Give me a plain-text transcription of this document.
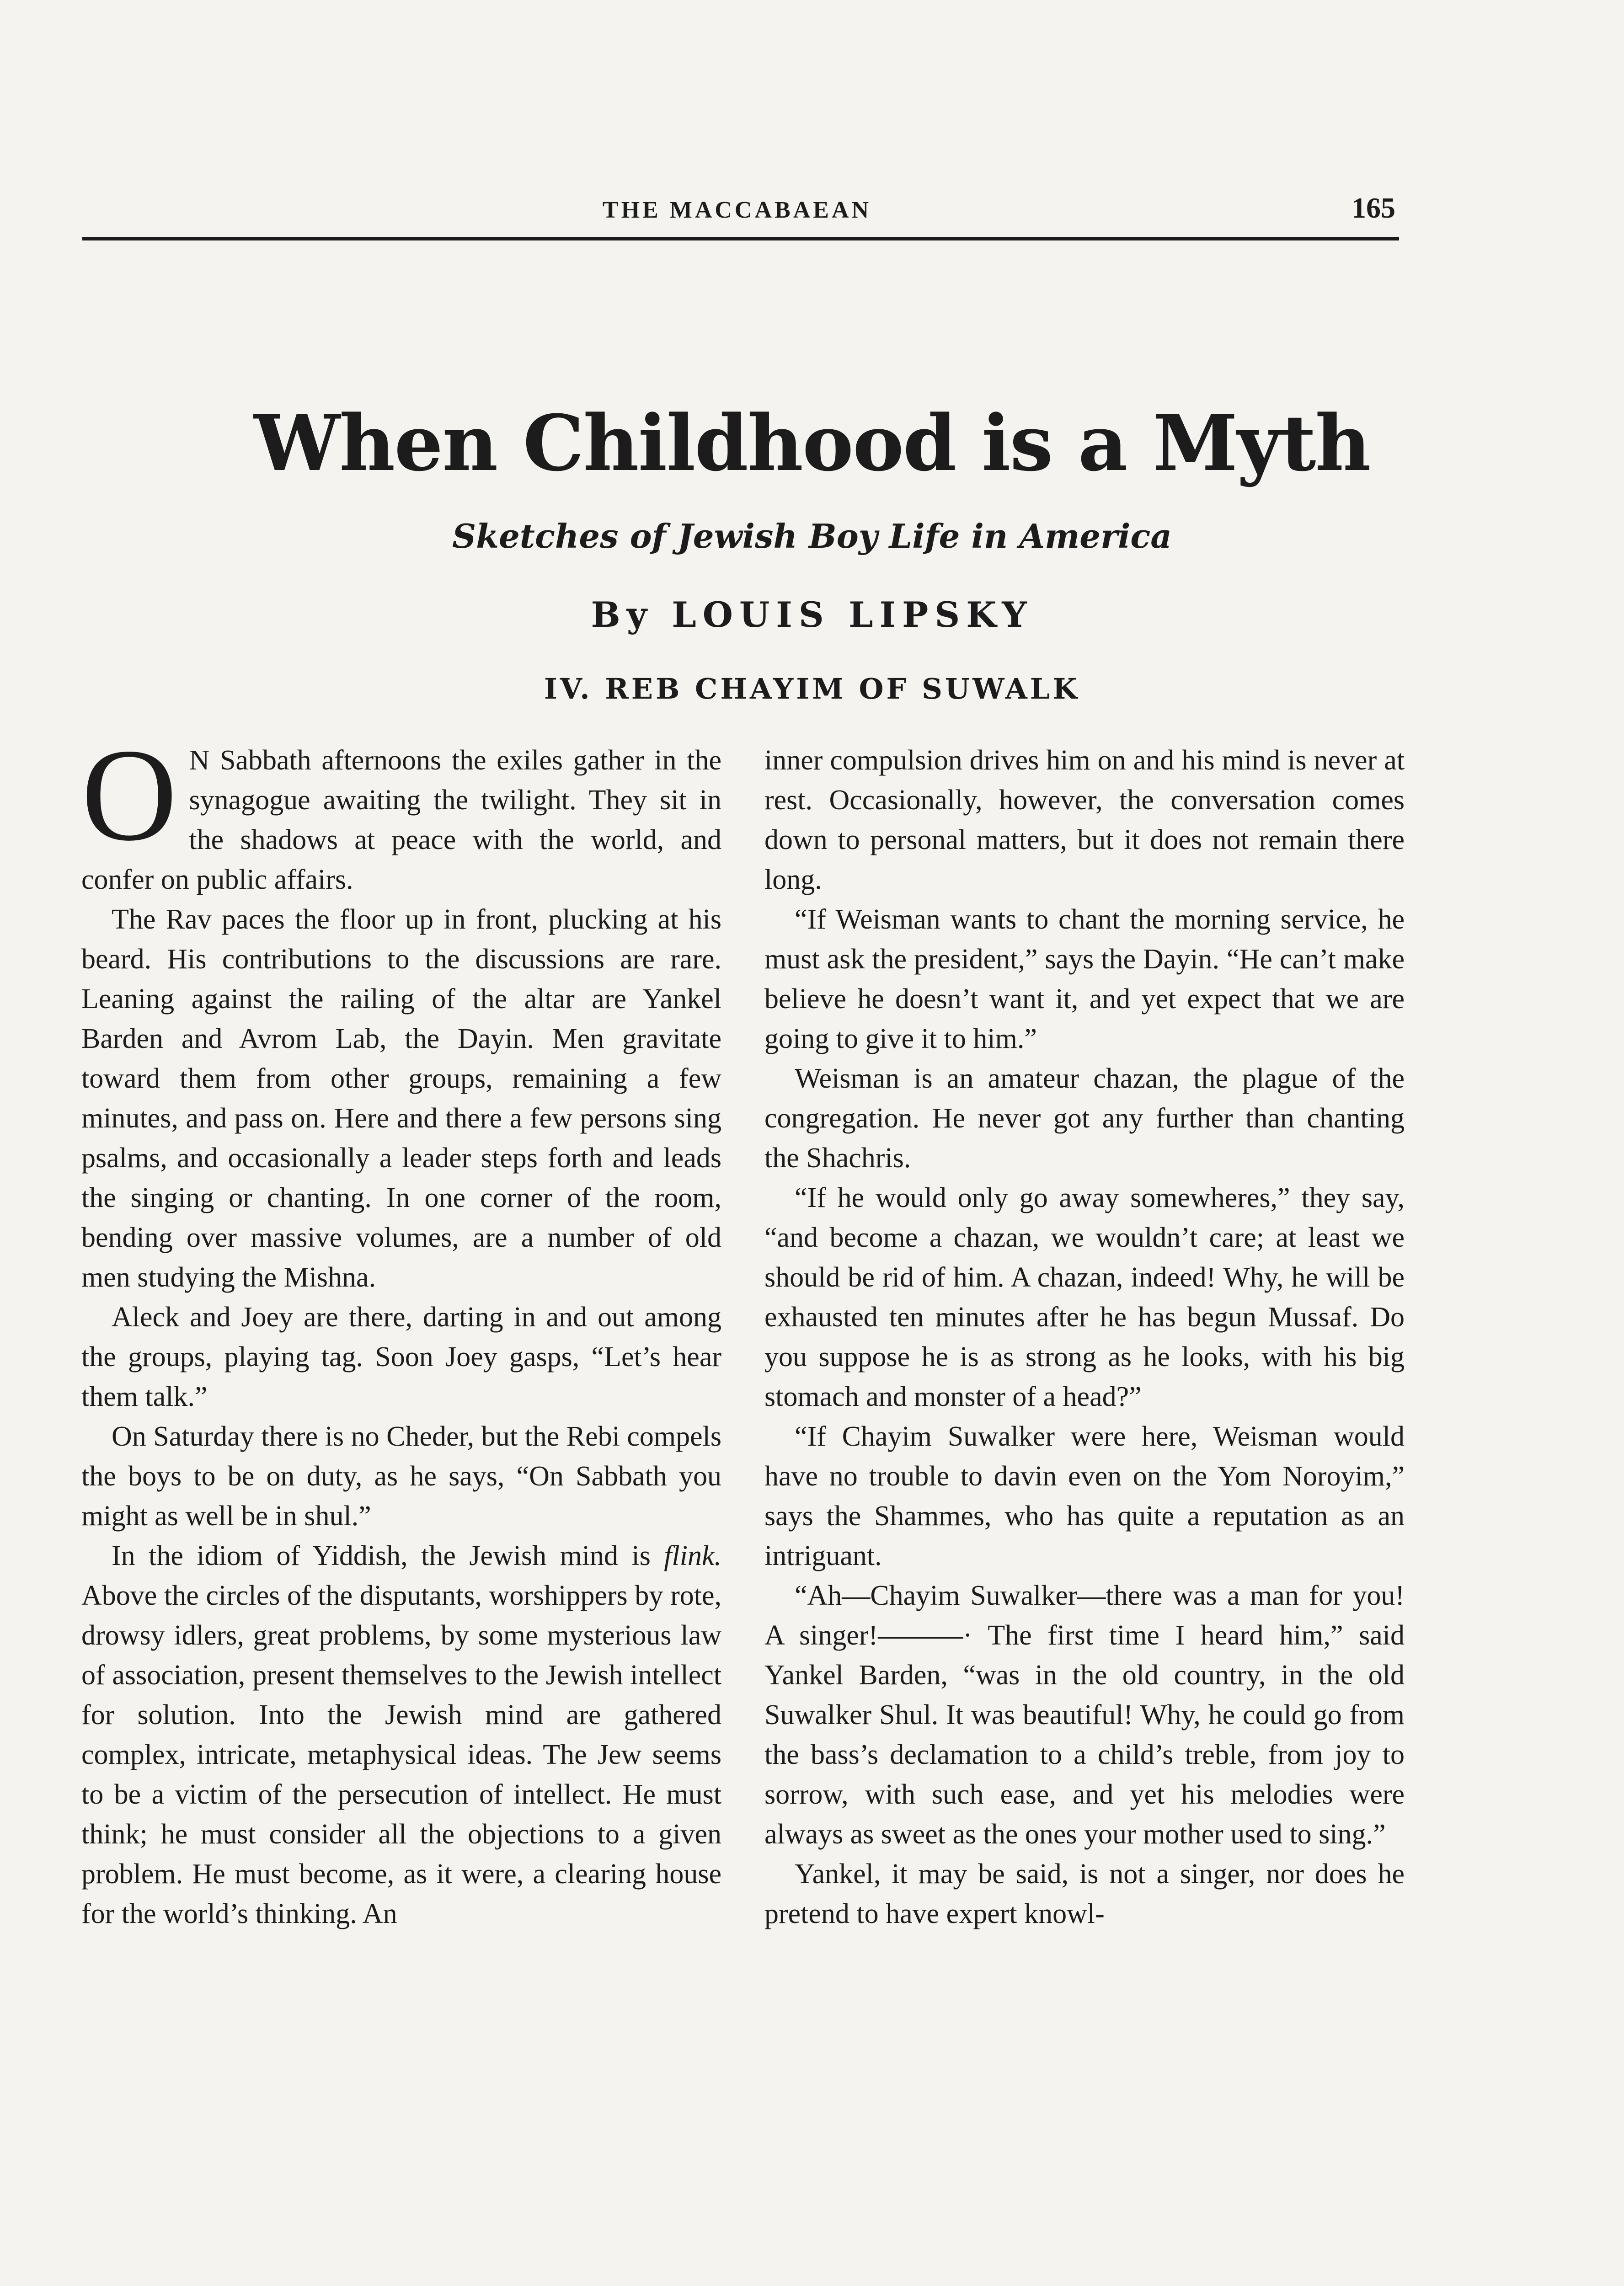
THE MACCABAEAN	165
When Childhood is a Myth
Sketches of Jewish Boy Life in America
By LOUIS LIPSKY
IV. REB CHAYIM OF SUWALK

O N Sabbath afternoons the exiles gather in the synagogue awaiting the twilight. They sit in the shadows at peace with the world, and confer on public affairs.

The Rav paces the floor up in front, plucking at his beard. His contributions to the discussions are rare. Leaning against the railing of the altar are Yankel Barden and Avrom Lab, the Dayin. Men gravitate toward them from other groups, remaining a few minutes, and pass on. Here and there a few persons sing psalms, and occasionally a leader steps forth and leads the singing or chanting. In one corner of the room, bending over massive volumes, are a number of old men studying the Mishna.

Aleck and Joey are there, darting in and out among the groups, playing tag. Soon Joey gasps, “Let’s hear them talk.”

On Saturday there is no Cheder, but the Rebi compels the boys to be on duty, as he says, “On Sabbath you might as well be in shul.”

In the idiom of Yiddish, the Jewish mind is flink. Above the circles of the disputants, worshippers by rote, drowsy idlers, great problems, by some mysterious law of association, present themselves to the Jewish intellect for solution. Into the Jewish mind are gathered complex, intricate, metaphysical ideas. The Jew seems to be a victim of the persecution of intellect. He must think; he must consider all the objections to a given problem. He must become, as it were, a clearing house for the world’s thinking. An

inner compulsion drives him on and his mind is never at rest. Occasionally, however, the conversation comes down to personal matters, but it does not remain there long.

“If Weisman wants to chant the morning service, he must ask the president,” says the Dayin. “He can’t make believe he doesn’t want it, and yet expect that we are going to give it to him.”

Weisman is an amateur chazan, the plague of the congregation. He never got any further than chanting the Shachris.

“If he would only go away somewheres,” they say, “and become a chazan, we wouldn’t care; at least we should be rid of him. A chazan, indeed! Why, he will be exhausted ten minutes after he has begun Mussaf. Do you suppose he is as strong as he looks, with his big stomach and monster of a head?”

“If Chayim Suwalker were here, Weisman would have no trouble to davin even on the Yom Noroyim,” says the Shammes, who has quite a reputation as an intriguant.

“Ah—Chayim Suwalker—there was a man for you! A singer!———· The first time I heard him,” said Yankel Barden, “was in the old country, in the old Suwalker Shul. It was beautiful! Why, he could go from the bass’s declamation to a child’s treble, from joy to sorrow, with such ease, and yet his melodies were always as sweet as the ones your mother used to sing.”

Yankel, it may be said, is not a singer, nor does he pretend to have expert knowl-
